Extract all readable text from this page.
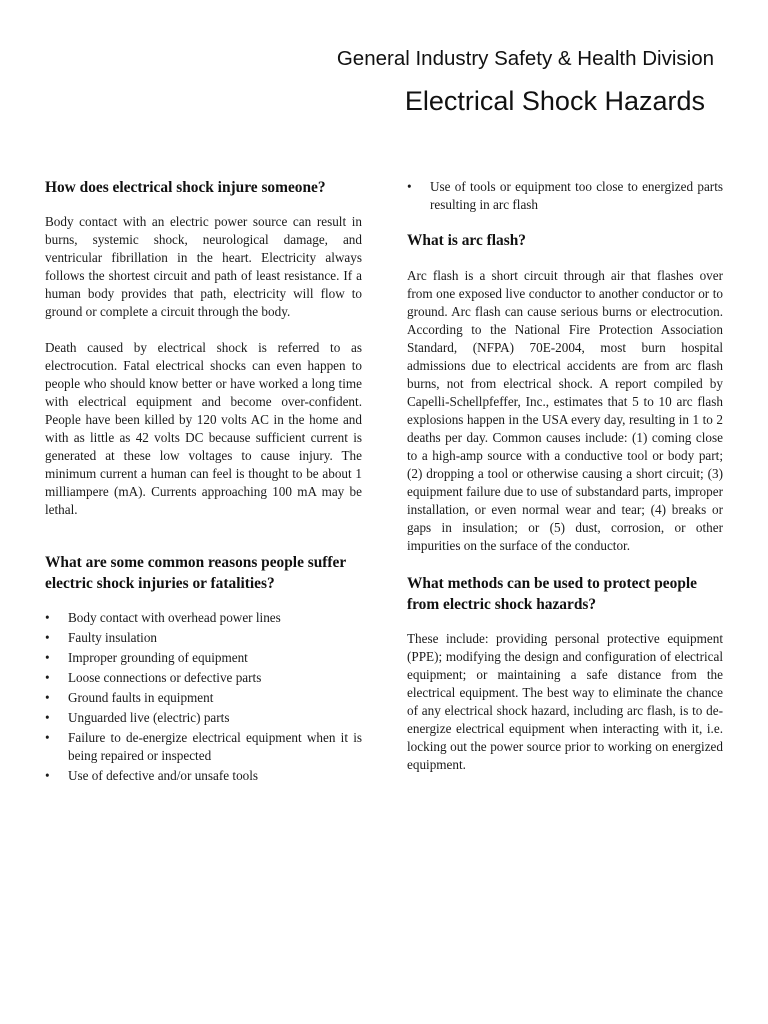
General Industry Safety & Health Division
Electrical Shock Hazards
How does electrical shock injure someone?

Body contact with an electric power source can result in burns, systemic shock, neurological damage, and ventricular fibrillation in the heart. Electricity always follows the shortest circuit and path of least resistance. If a human body provides that path, electricity will flow to ground or complete a circuit through the body.

Death caused by electrical shock is referred to as electrocution. Fatal electrical shocks can even happen to people who should know better or have worked a long time with electrical equipment and become over-confident. People have been killed by 120 volts AC in the home and with as little as 42 volts DC because sufficient current is generated at these low voltages to cause injury. The minimum current a human can feel is thought to be about 1 milliampere (mA). Currents approaching 100 mA may be lethal.

What are some common reasons people suffer electric shock injuries or fatalities?
• Body contact with overhead power lines
• Faulty insulation
• Improper grounding of equipment
• Loose connections or defective parts
• Ground faults in equipment
• Unguarded live (electric) parts
• Failure to de-energize electrical equipment when it is being repaired or inspected
• Use of defective and/or unsafe tools
• Use of tools or equipment too close to energized parts resulting in arc flash
What is arc flash?

Arc flash is a short circuit through air that flashes over from one exposed live conductor to another conductor or to ground. Arc flash can cause serious burns or electrocution. According to the National Fire Protection Association Standard, (NFPA) 70E-2004, most burn hospital admissions due to electrical accidents are from arc flash burns, not from electrical shock. A report compiled by Capelli-Schellpfeffer, Inc., estimates that 5 to 10 arc flash explosions happen in the USA every day, resulting in 1 to 2 deaths per day. Common causes include: (1) coming close to a high-amp source with a conductive tool or body part; (2) dropping a tool or otherwise causing a short circuit; (3) equipment failure due to use of substandard parts, improper installation, or even normal wear and tear; (4) breaks or gaps in insulation; or (5) dust, corrosion, or other impurities on the surface of the conductor.

What methods can be used to protect people from electric shock hazards?

These include: providing personal protective equipment (PPE); modifying the design and configuration of electrical equipment; or maintaining a safe distance from the electrical equipment. The best way to eliminate the chance of any electrical shock hazard, including arc flash, is to de-energize electrical equipment when interacting with it, i.e. locking out the power source prior to working on energized equipment.
